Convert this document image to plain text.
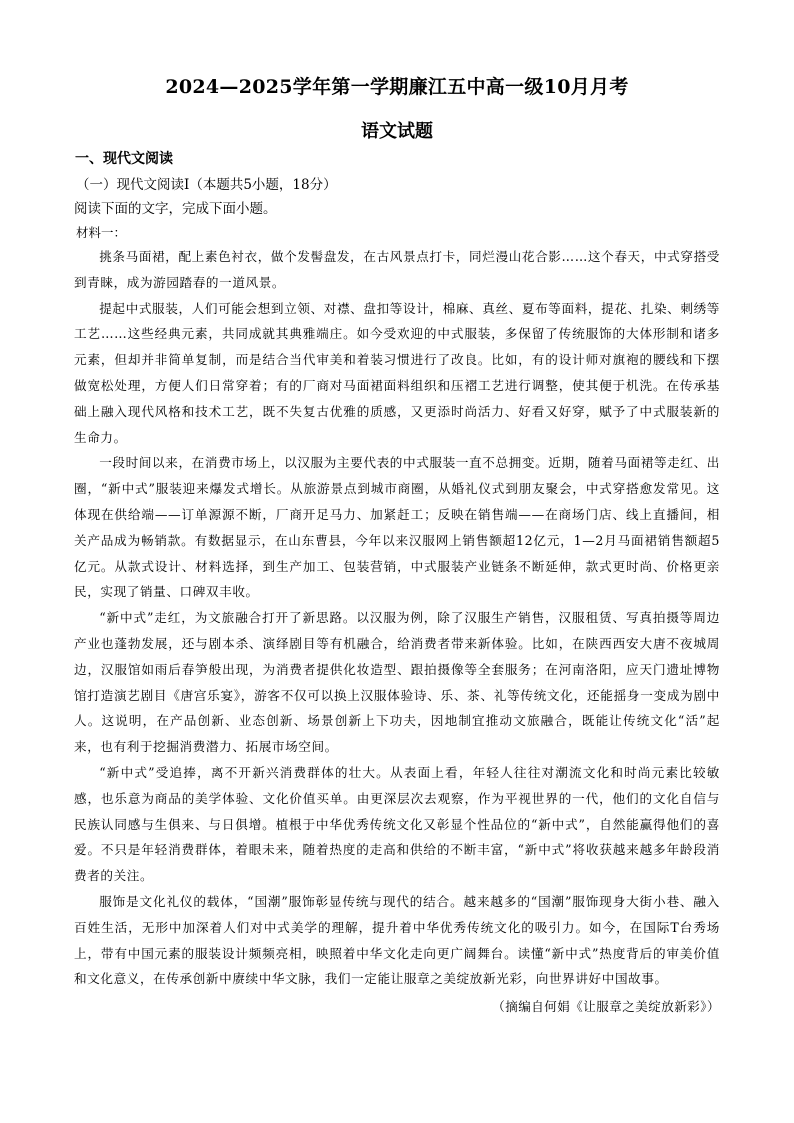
2024—2025学年第一学期廉江五中高一级10月月考
语文试题
一、现代文阅读
（一）现代文阅读I（本题共5小题，18分）
阅读下面的文字，完成下面小题。
材料一：

挑条马面裙，配上素色衬衣，做个发髻盘发，在古风景点打卡，同烂漫山花合影……这个春天，中式穿搭受到青睐，成为游园踏春的一道风景。

提起中式服装，人们可能会想到立领、对襟、盘扣等设计，棉麻、真丝、夏布等面料，提花、扎染、刺绣等工艺……这些经典元素，共同成就其典雅端庄。如今受欢迎的中式服装，多保留了传统服饰的大体形制和诸多元素，但却并非简单复制，而是结合当代审美和着装习惯进行了改良。比如，有的设计师对旗袍的腰线和下摆做宽松处理，方便人们日常穿着；有的厂商对马面裙面料组织和压褶工艺进行调整，使其便于机洗。在传承基础上融入现代风格和技术工艺，既不失复古优雅的质感，又更添时尚活力、好看又好穿，赋予了中式服装新的生命力。

一段时间以来，在消费市场上，以汉服为主要代表的中式服装一直不总拥变。近期，随着马面裙等走红、出圈，“新中式”服装迎来爆发式增长。从旅游景点到城市商圈，从婚礼仪式到朋友聚会，中式穿搭愈发常见。这体现在供给端——订单源源不断，厂商开足马力、加紧赶工；反映在销售端——在商场门店、线上直播间，相关产品成为畅销款。有数据显示，在山东曹县，今年以来汉服网上销售额超12亿元，1—2月马面裙销售额超5亿元。从款式设计、材料选择，到生产加工、包装营销，中式服装产业链条不断延伸，款式更时尚、价格更亲民，实现了销量、口碑双丰收。

“新中式”走红，为文旅融合打开了新思路。以汉服为例，除了汉服生产销售，汉服租赁、写真拍摄等周边产业也蓬勃发展，还与剧本杀、演绎剧目等有机融合，给消费者带来新体验。比如，在陕西西安大唐不夜城周边，汉服馆如雨后春笋般出现，为消费者提供化妆造型、跟拍摄像等全套服务；在河南洛阳，应天门遗址博物馆打造演艺剧目《唐宫乐宴》，游客不仅可以换上汉服体验诗、乐、茶、礼等传统文化，还能摇身一变成为剧中人。这说明，在产品创新、业态创新、场景创新上下功夫，因地制宜推动文旅融合，既能让传统文化“活”起来，也有利于挖掘消费潜力、拓展市场空间。

“新中式”受追捧，离不开新兴消费群体的壮大。从表面上看，年轻人往往对潮流文化和时尚元素比较敏感，也乐意为商品的美学体验、文化价值买单。由更深层次去观察，作为平视世界的一代，他们的文化自信与民族认同感与生俱来、与日俱增。植根于中华优秀传统文化又彰显个性品位的“新中式”，自然能赢得他们的喜爱。不只是年轻消费群体，着眼未来，随着热度的走高和供给的不断丰富，“新中式”将收获越来越多年龄段消费者的关注。

服饰是文化礼仪的载体，“国潮”服饰彰显传统与现代的结合。越来越多的“国潮”服饰现身大街小巷、融入百姓生活，无形中加深着人们对中式美学的理解，提升着中华优秀传统文化的吸引力。如今，在国际T台秀场上，带有中国元素的服装设计频频亮相，映照着中华文化走向更广阔舞台。读懂“新中式”热度背后的审美价值和文化意义，在传承创新中赓续中华文脉，我们一定能让服章之美绽放新光彩，向世界讲好中国故事。

（摘编自何娟《让服章之美绽放新彩》）
